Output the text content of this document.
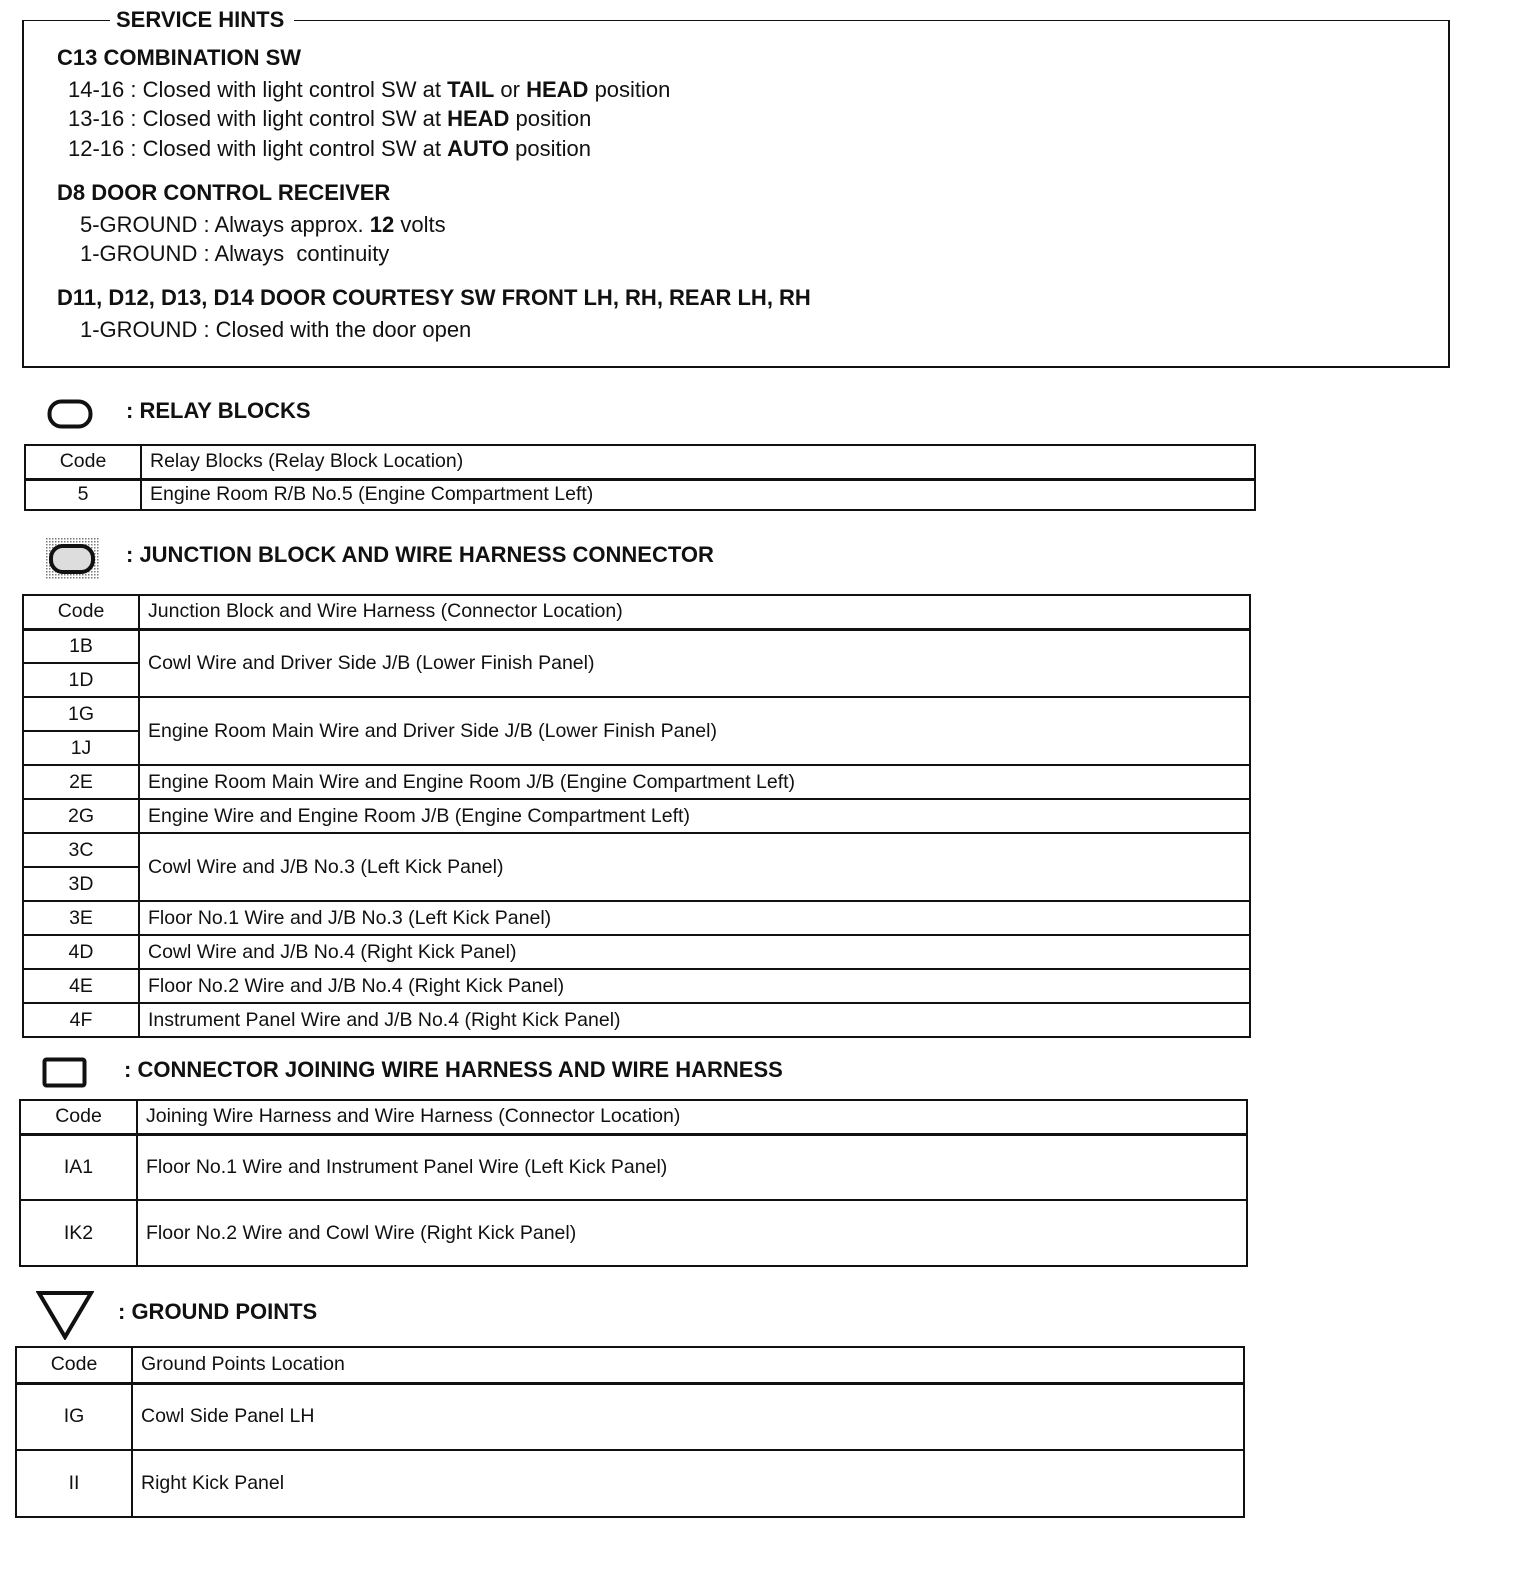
SERVICE HINTS
C13 COMBINATION SW
14-16 : Closed with light control SW at TAIL or HEAD position
13-16 : Closed with light control SW at HEAD position
12-16 : Closed with light control SW at AUTO position
D8 DOOR CONTROL RECEIVER
5-GROUND : Always approx. 12 volts
1-GROUND : Always  continuity
D11, D12, D13, D14 DOOR COURTESY SW FRONT LH, RH, REAR LH, RH
1-GROUND : Closed with the door open
: RELAY BLOCKS
Code	Relay Blocks (Relay Block Location)
5	Engine Room R/B No.5 (Engine Compartment Left)
: JUNCTION BLOCK AND WIRE HARNESS CONNECTOR
Code	Junction Block and Wire Harness (Connector Location)
1B	Cowl Wire and Driver Side J/B (Lower Finish Panel)
1D	
1G	Engine Room Main Wire and Driver Side J/B (Lower Finish Panel)
1J	
2E	Engine Room Main Wire and Engine Room J/B (Engine Compartment Left)
2G	Engine Wire and Engine Room J/B (Engine Compartment Left)
3C	Cowl Wire and J/B No.3 (Left Kick Panel)
3D	
3E	Floor No.1 Wire and J/B No.3 (Left Kick Panel)
4D	Cowl Wire and J/B No.4 (Right Kick Panel)
4E	Floor No.2 Wire and J/B No.4 (Right Kick Panel)
4F	Instrument Panel Wire and J/B No.4 (Right Kick Panel)
: CONNECTOR JOINING WIRE HARNESS AND WIRE HARNESS
Code	Joining Wire Harness and Wire Harness (Connector Location)
IA1	Floor No.1 Wire and Instrument Panel Wire (Left Kick Panel)
IK2	Floor No.2 Wire and Cowl Wire (Right Kick Panel)
: GROUND POINTS
Code	Ground Points Location
IG	Cowl Side Panel LH
II	Right Kick Panel
